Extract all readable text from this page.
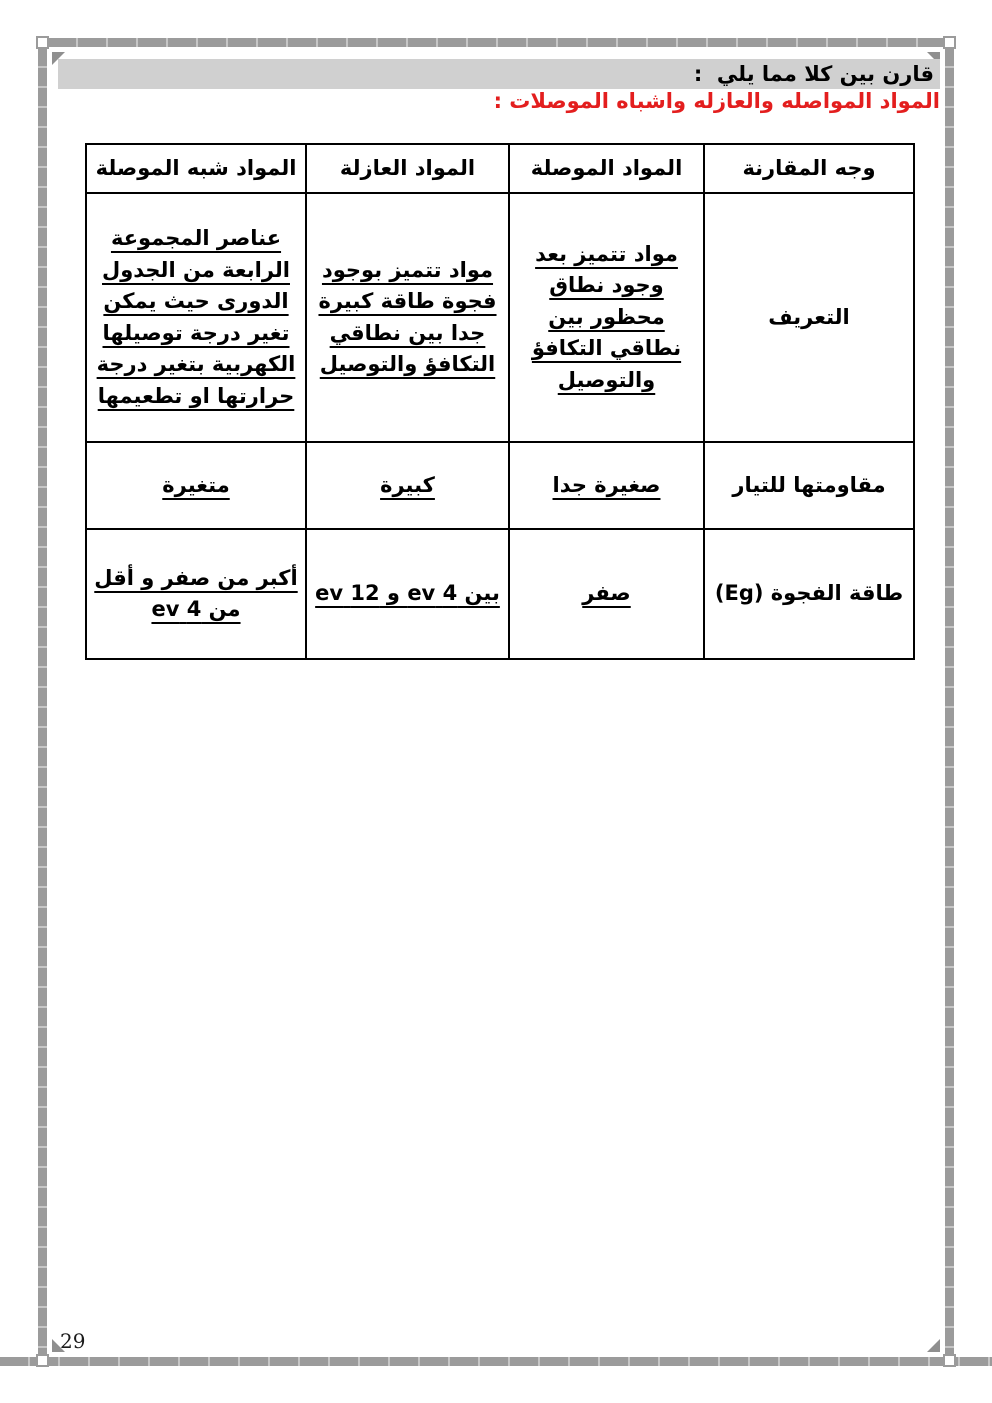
قارن بين كلا مما يلي  :
المواد المواصله والعازله واشباه الموصلات :
وجه المقارنة	المواد الموصلة	المواد العازلة	المواد شبه الموصلة
التعريف	مواد تتميز بعد وجود نطاق محظور بين نطاقي التكافؤ والتوصيل	مواد تتميز بوجود فجوة طاقة كبيرة جدا بين نطاقي التكافؤ والتوصيل	عناصر المجموعة الرابعة من الجدول الدورى حيث يمكن تغير درجة توصيلها الكهربية بتغير درجة حرارتها او تطعيمها
مقاومتها للتيار	صغيرة جدا	كبيرة	متغيرة
طاقة الفجوة (Eg)	صفر	بين 4 ev و 12 ev	أكبر من صفر و أقل من 4 ev
29
